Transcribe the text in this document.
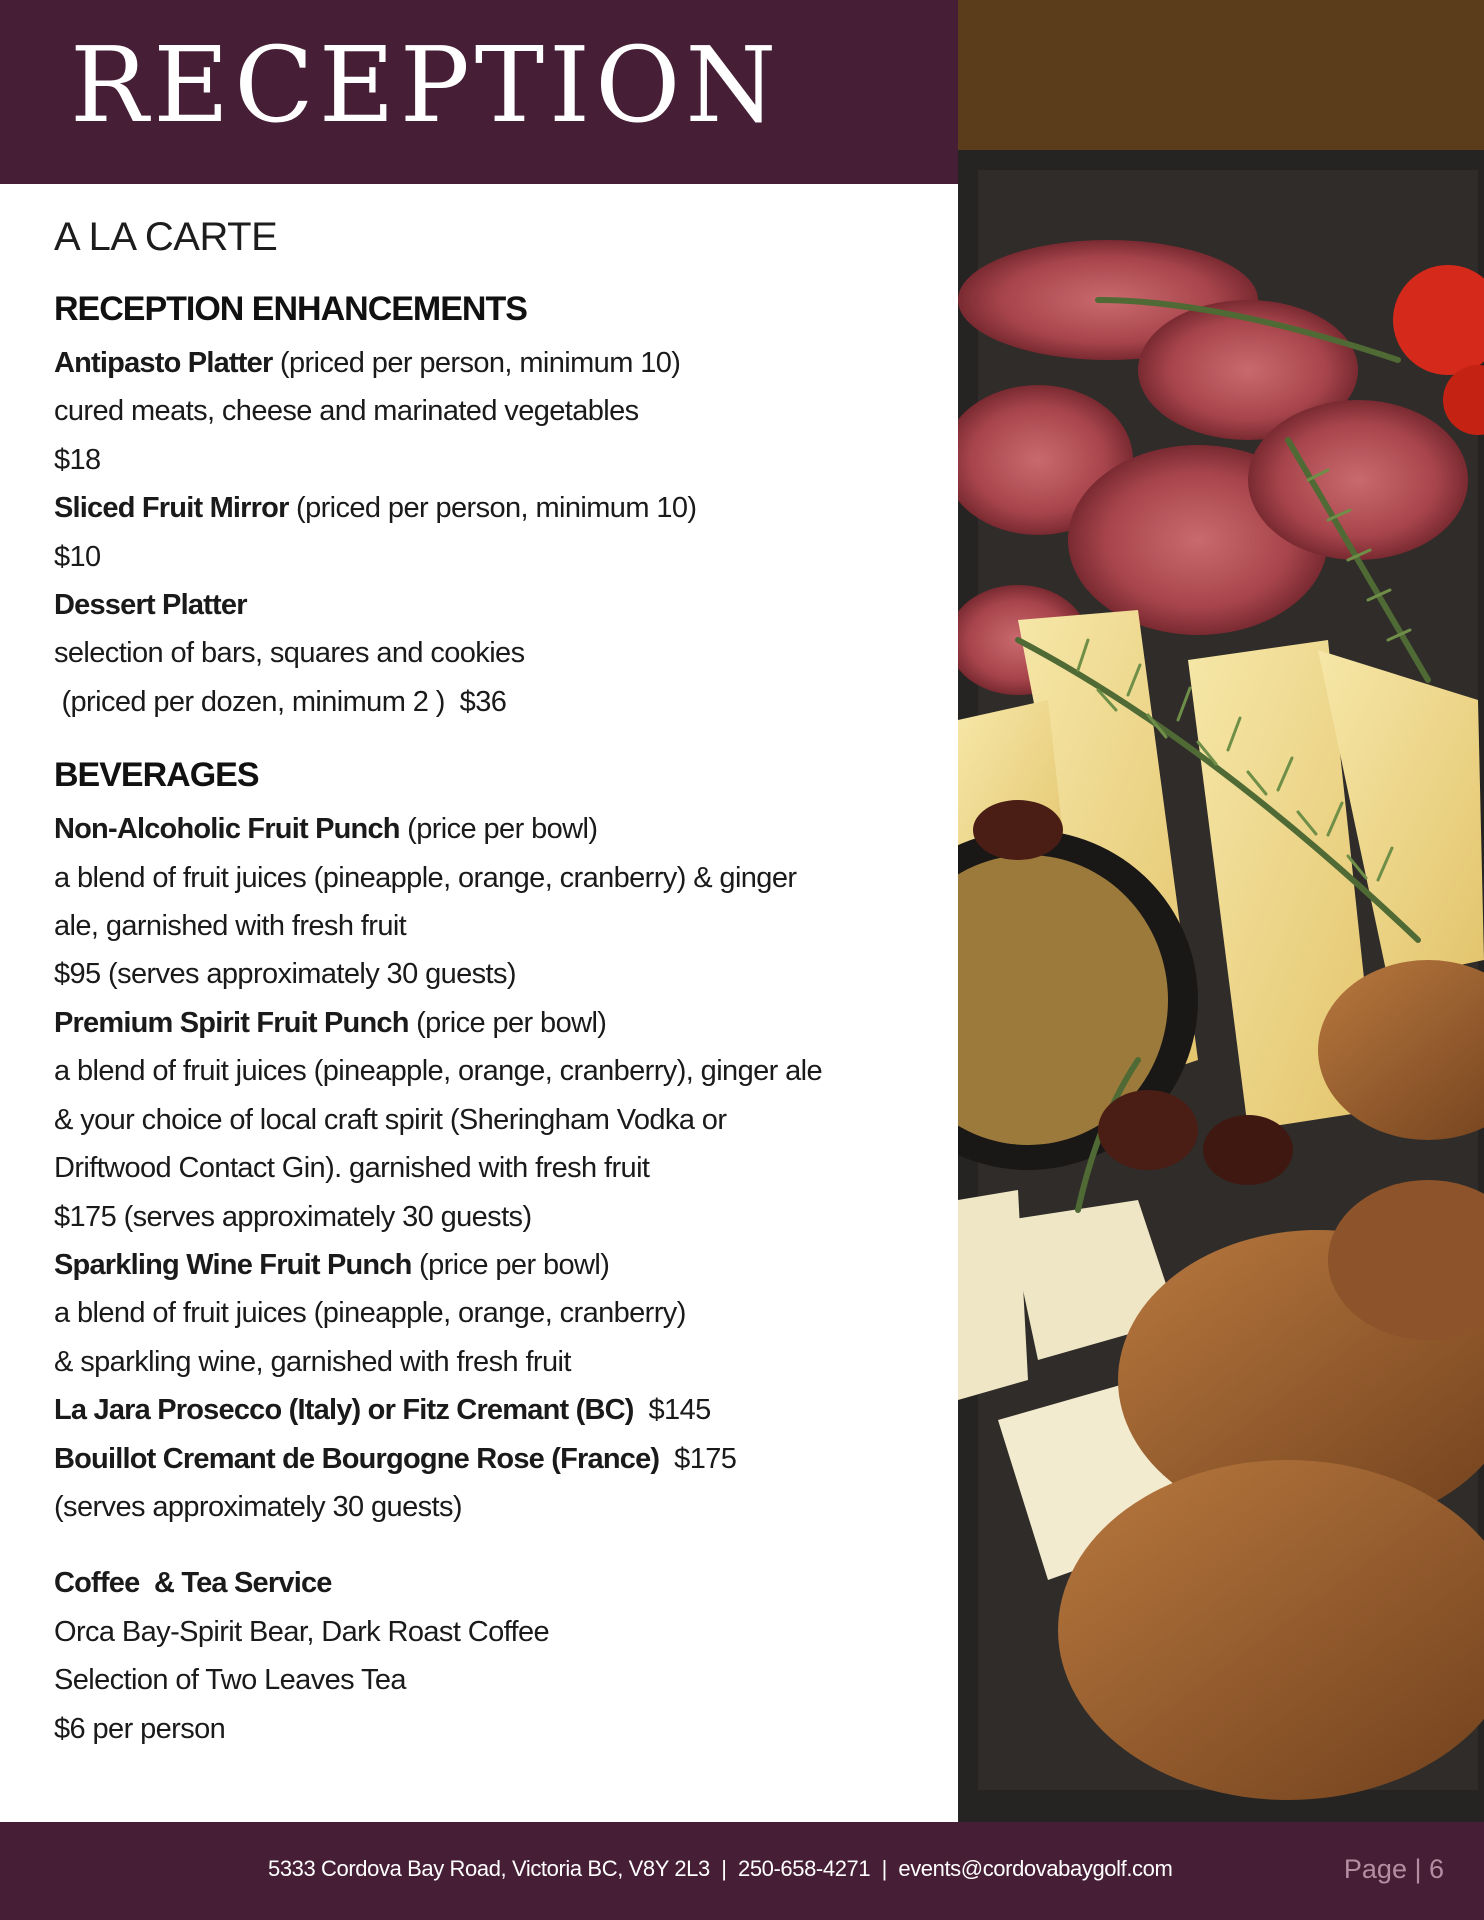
RECEPTION
A LA CARTE
RECEPTION ENHANCEMENTS
Antipasto Platter (priced per person, minimum 10)
cured meats, cheese and marinated vegetables
$18
Sliced Fruit Mirror (priced per person, minimum 10)
$10
Dessert Platter
selection of bars, squares and cookies
(priced per dozen, minimum 2 )  $36
BEVERAGES
Non-Alcoholic Fruit Punch (price per bowl)
a blend of fruit juices (pineapple, orange, cranberry) & ginger
ale, garnished with fresh fruit
$95 (serves approximately 30 guests)
Premium Spirit Fruit Punch (price per bowl)
a blend of fruit juices (pineapple, orange, cranberry), ginger ale
& your choice of local craft spirit (Sheringham Vodka or
Driftwood Contact Gin). garnished with fresh fruit
$175 (serves approximately 30 guests)
Sparkling Wine Fruit Punch (price per bowl)
a blend of fruit juices (pineapple, orange, cranberry)
& sparkling wine, garnished with fresh fruit
La Jara Prosecco (Italy) or Fitz Cremant (BC)  $145
Bouillot Cremant de Bourgogne Rose (France)  $175
(serves approximately 30 guests)
Coffee  & Tea Service
Orca Bay-Spirit Bear, Dark Roast Coffee
Selection of Two Leaves Tea
$6 per person
5333 Cordova Bay Road, Victoria BC, V8Y 2L3  |  250-658-4271  |  events@cordovabaygolf.com	Page | 6
